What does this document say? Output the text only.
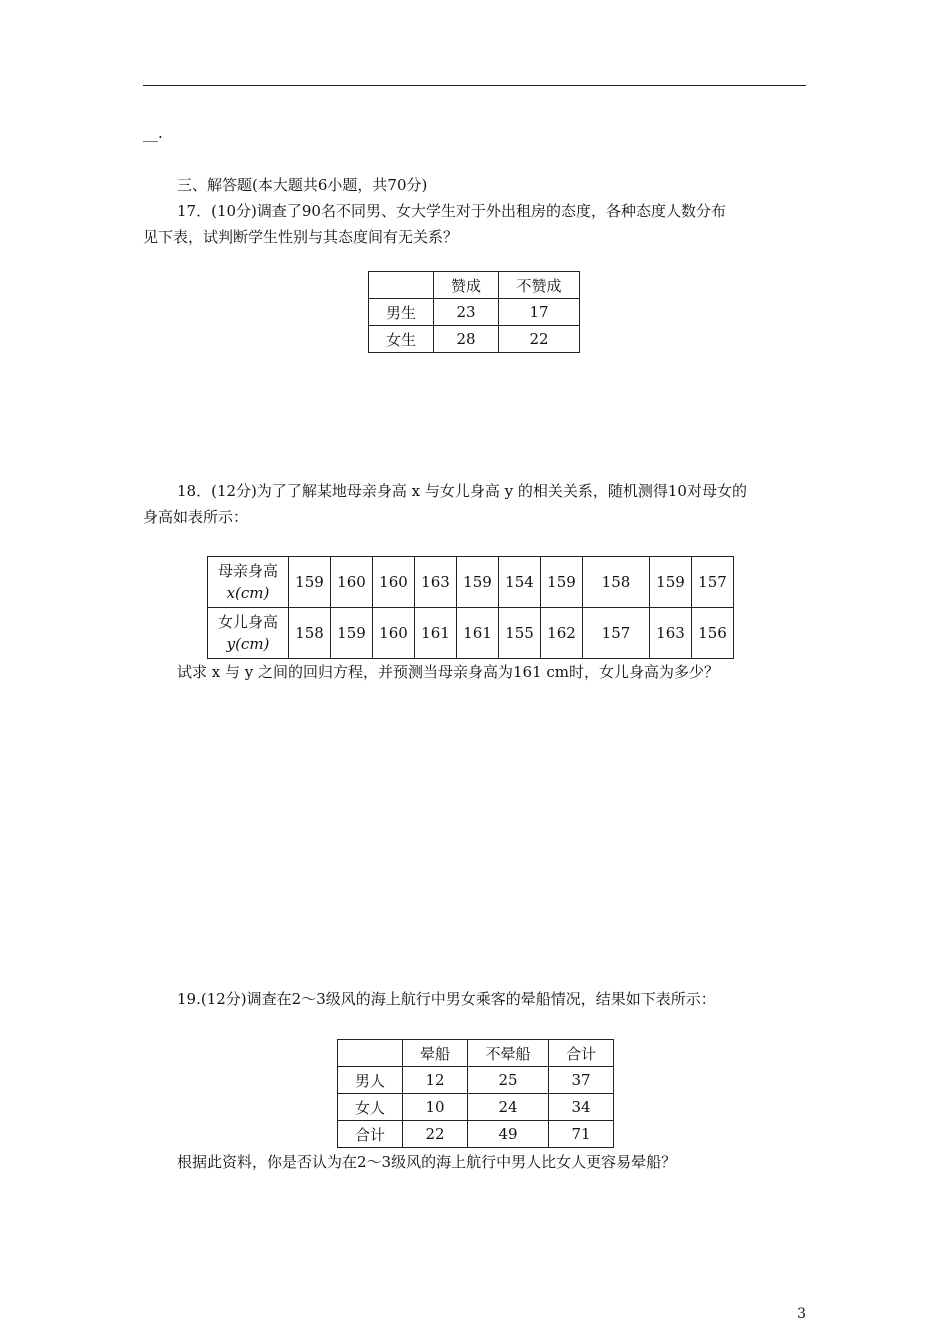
__.
三、解答题(本大题共6小题，共70分)
17．(10分)调查了90名不同男、女大学生对于外出租房的态度，各种态度人数分布
见下表，试判断学生性别与其态度间有无关系？
	赞成	不赞成
男生	23	17
女生	28	22
18．(12分)为了了解某地母亲身高 x 与女儿身高 y 的相关关系，随机测得10对母女的
身高如表所示：
母亲身高
x(cm)	159	160	160	163	159	154	159	158	159	157

女儿身高
y(cm)	158	159	160	161	161	155	162	157	163	156
试求 x 与 y 之间的回归方程，并预测当母亲身高为161 cm时，女儿身高为多少？
19.(12分)调查在2～3级风的海上航行中男女乘客的晕船情况，结果如下表所示：
	晕船	不晕船	合计
男人	12	25	37
女人	10	24	34
合计	22	49	71
根据此资料，你是否认为在2～3级风的海上航行中男人比女人更容易晕船？
3
